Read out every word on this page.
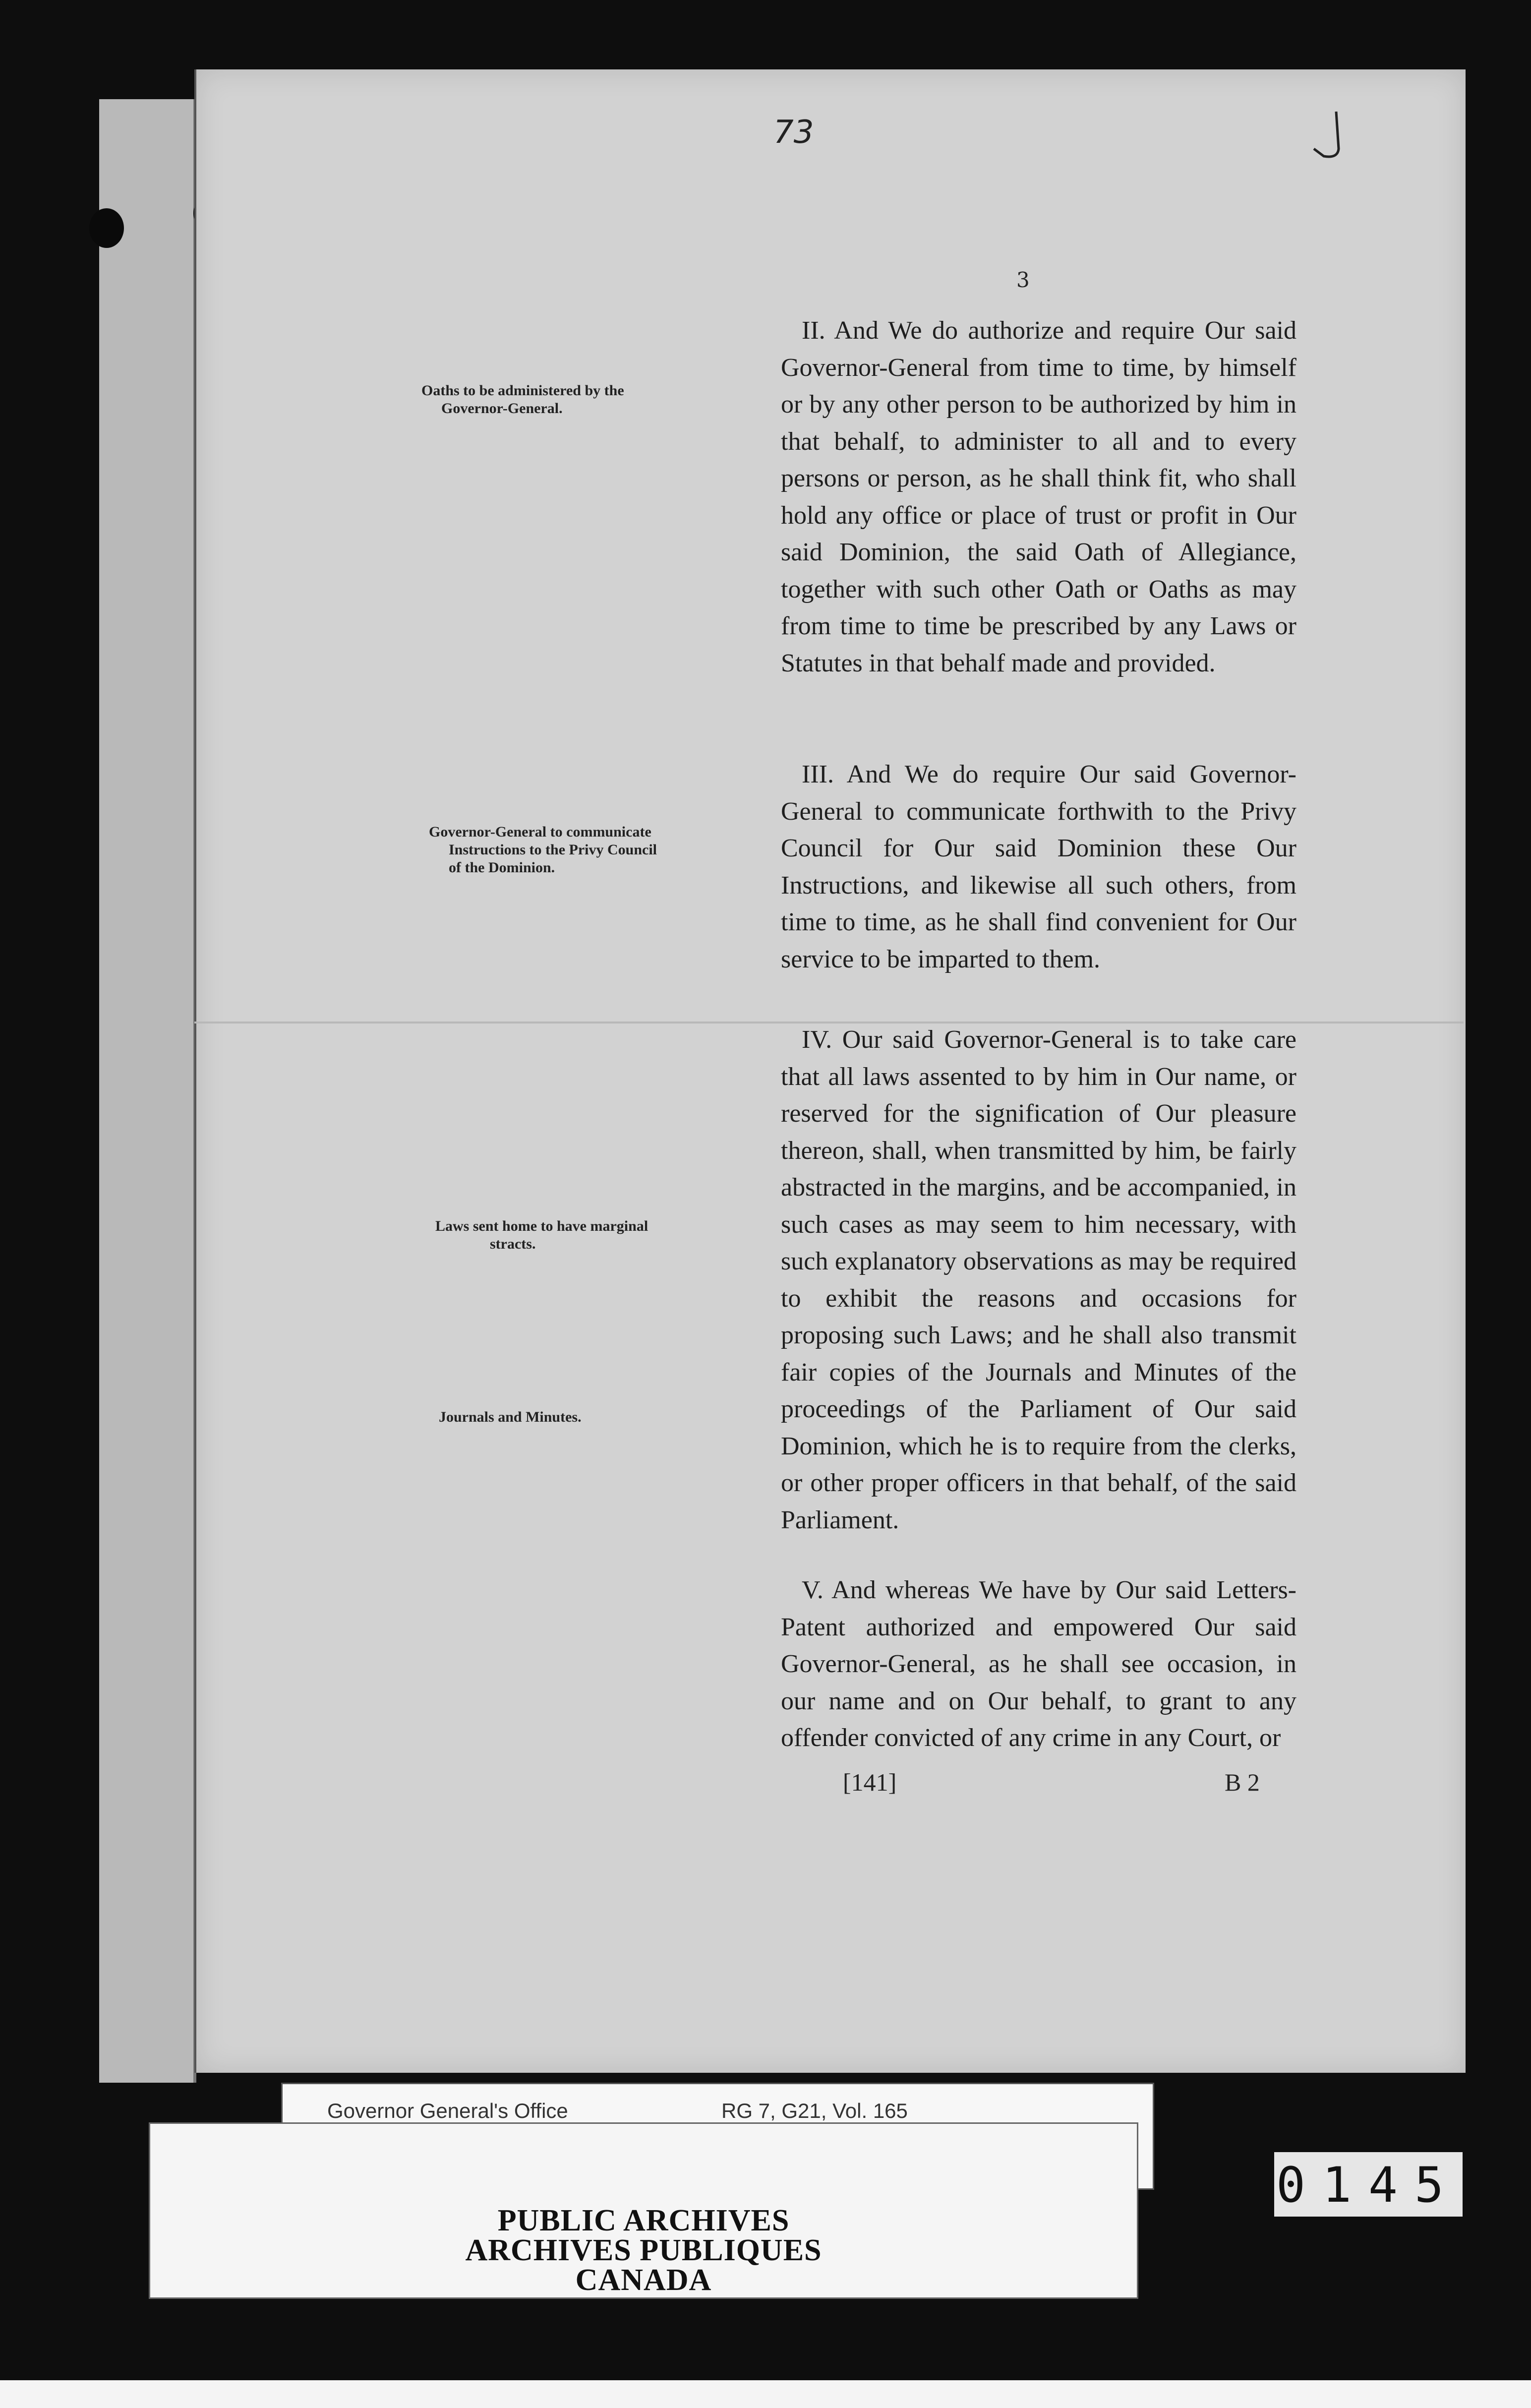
73
3
Oaths to be administered by the
Governor-General.
Governor-General to communicate
Instructions to the Privy Council
of the Dominion.
Laws sent home to have marginal
stracts.
Journals and Minutes.

II. And We do authorize and require Our said Governor-General from time to time, by himself or by any other person to be authorized by him in that behalf, to administer to all and to every persons or person, as he shall think fit, who shall hold any office or place of trust or profit in Our said Dominion, the said Oath of Allegiance, together with such other Oath or Oaths as may from time to time be prescribed by any Laws or Statutes in that behalf made and provided.

III. And We do require Our said Governor-General to communicate forthwith to the Privy Council for Our said Dominion these Our Instructions, and likewise all such others, from time to time, as he shall find convenient for Our service to be imparted to them.

IV. Our said Governor-General is to take care that all laws assented to by him in Our name, or reserved for the signification of Our pleasure thereon, shall, when transmitted by him, be fairly abstracted in the margins, and be accompanied, in such cases as may seem to him necessary, with such explanatory observations as may be required to exhibit the reasons and occasions for proposing such Laws; and he shall also transmit fair copies of the Journals and Minutes of the proceedings of the Parliament of Our said Dominion, which he is to require from the clerks, or other proper officers in that behalf, of the said Parliament.

V. And whereas We have by Our said Letters-Patent authorized and empowered Our said Governor-General, as he shall see occasion, in our name and on Our behalf, to grant to any offender convicted of any crime in any Court, or

[141]	B 2
Governor General's Office	RG 7, G21, Vol. 165
PUBLIC ARCHIVES
ARCHIVES PUBLIQUES
CANADA
0145
